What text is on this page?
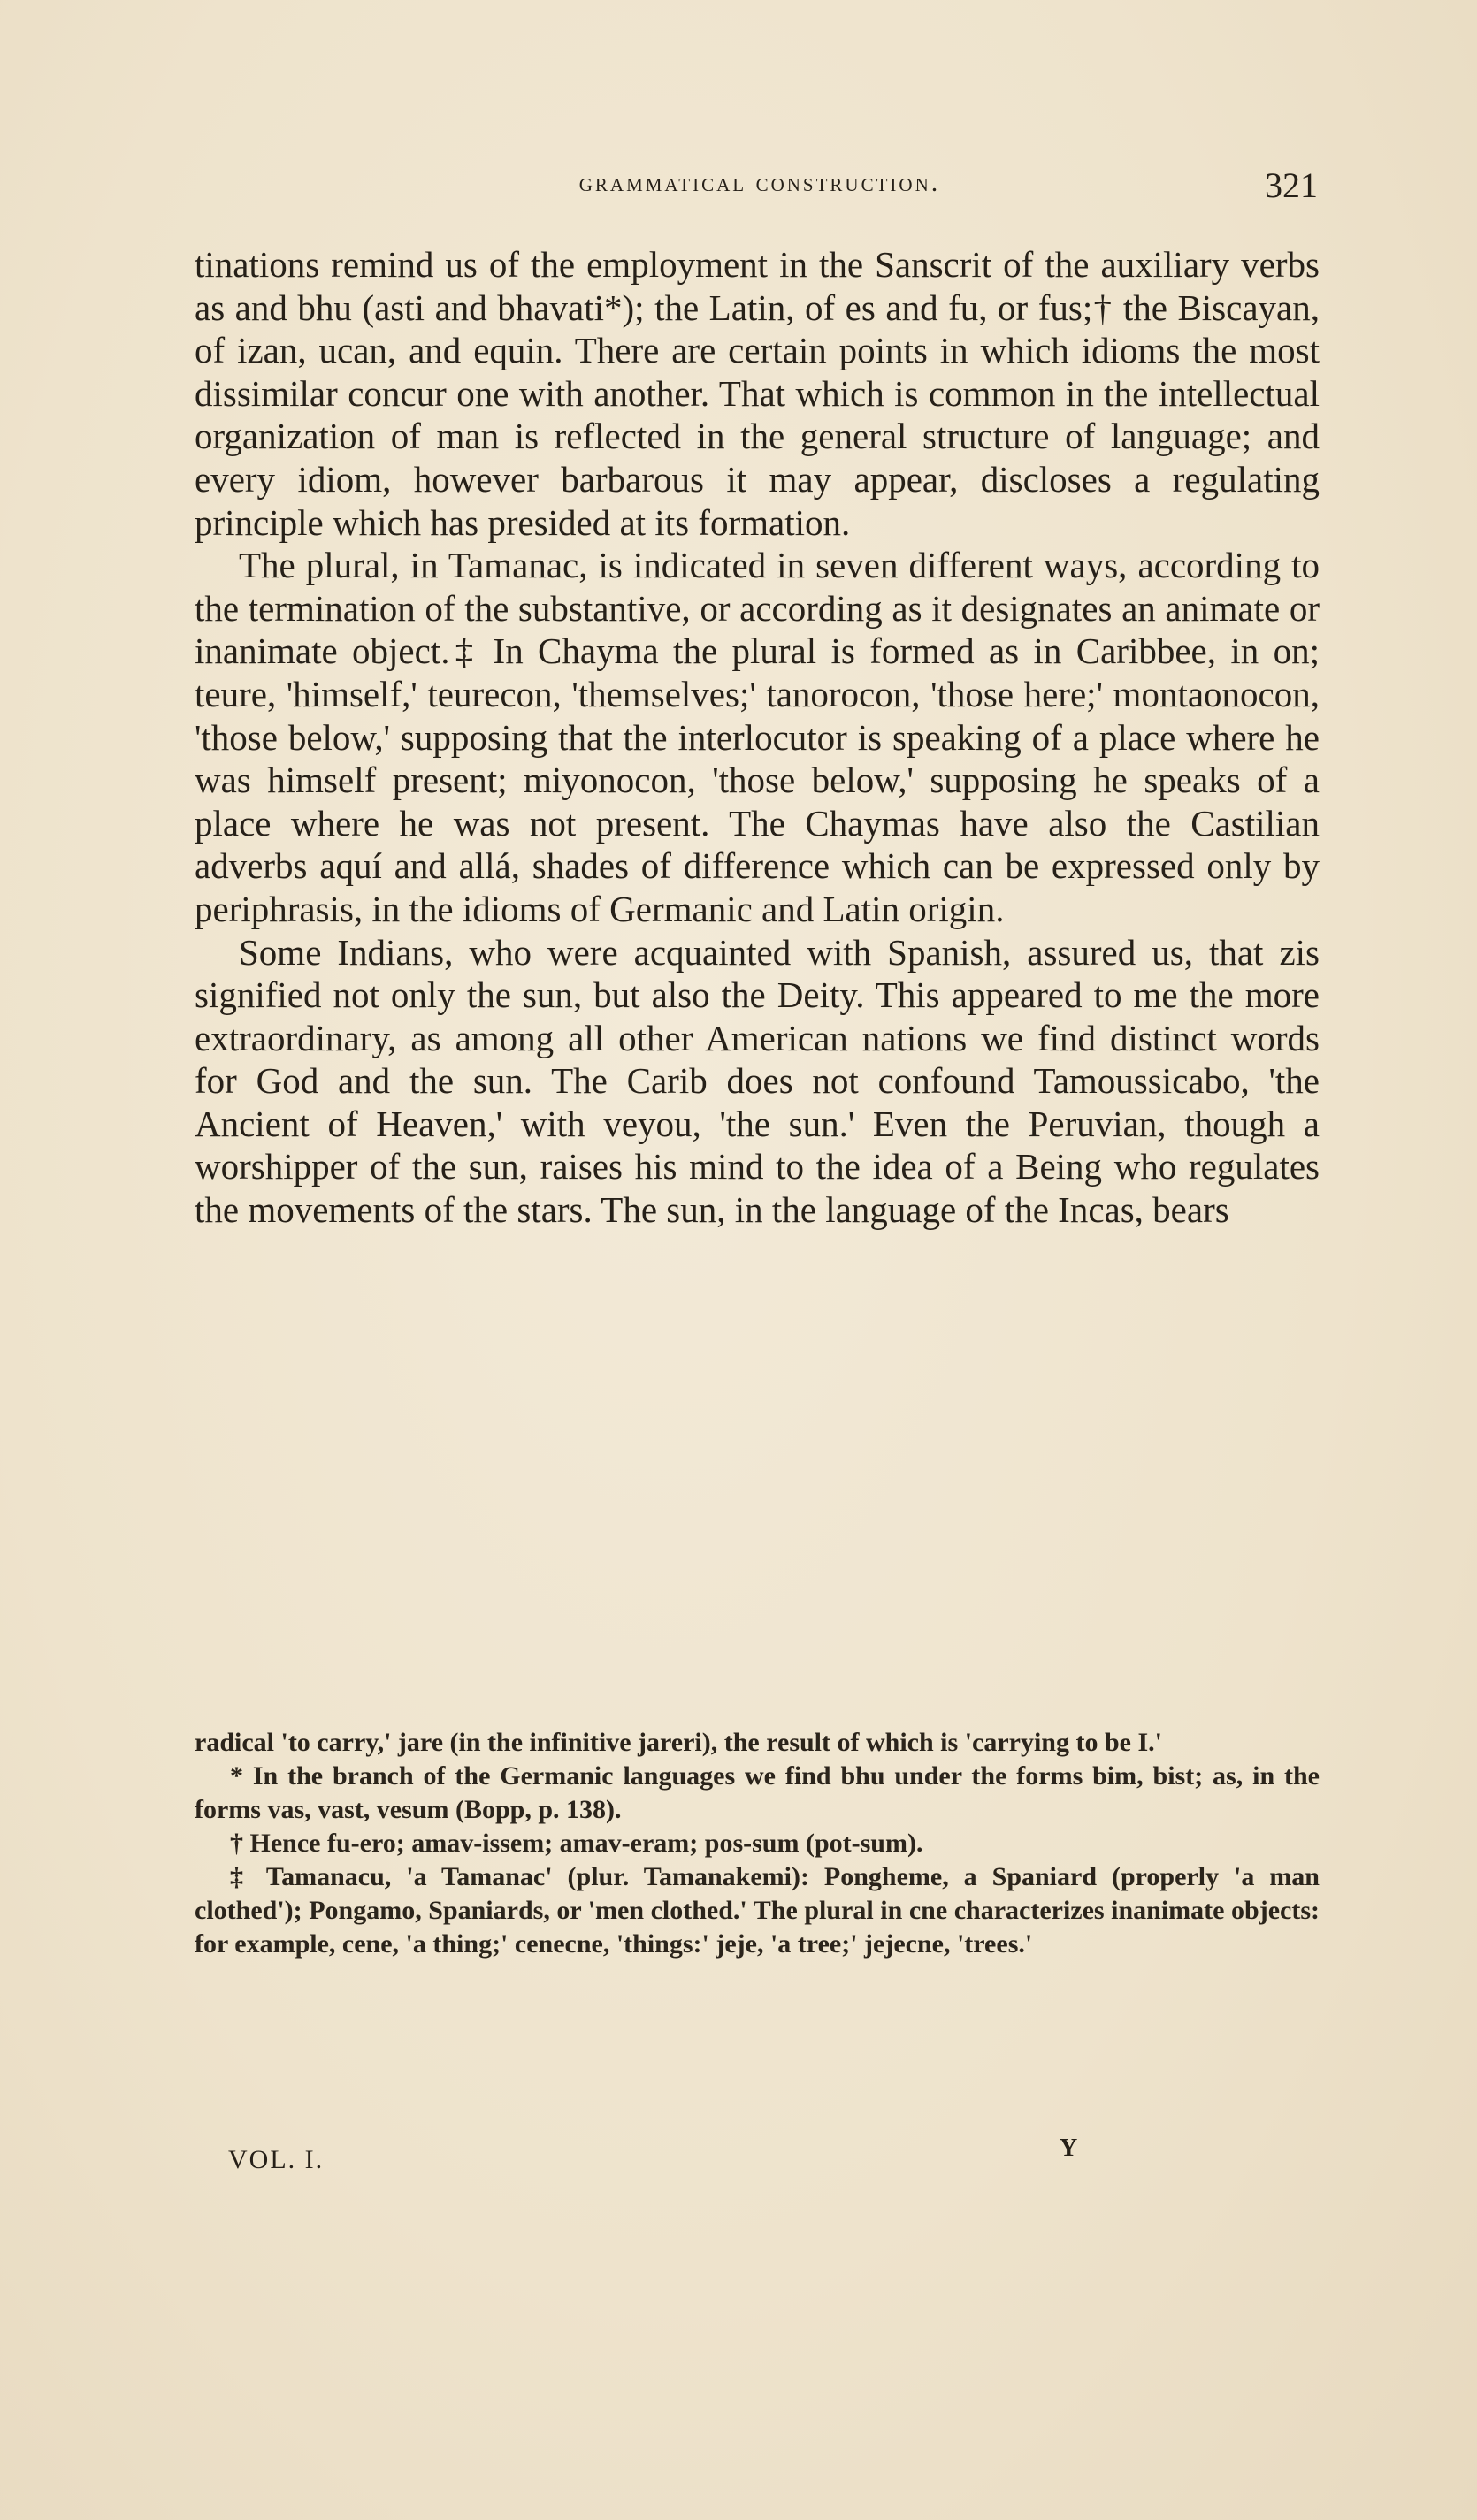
grammatical construction.	321

tinations remind us of the employment in the Sanscrit of the auxiliary verbs as and bhu (asti and bhavati*); the Latin, of es and fu, or fus;† the Biscayan, of izan, ucan, and equin. There are certain points in which idioms the most dissimilar concur one with another. That which is common in the intellectual organization of man is reflected in the general structure of language; and every idiom, however barbarous it may appear, discloses a regulating principle which has presided at its formation.

The plural, in Tamanac, is indicated in seven different ways, according to the termination of the substantive, or according as it designates an animate or inanimate object.‡ In Chayma the plural is formed as in Caribbee, in on; teure, 'himself,' teurecon, 'themselves;' tanorocon, 'those here;' montaonocon, 'those below,' supposing that the interlocutor is speaking of a place where he was himself present; miyonocon, 'those below,' supposing he speaks of a place where he was not present. The Chaymas have also the Castilian adverbs aquí and allá, shades of difference which can be expressed only by periphrasis, in the idioms of Germanic and Latin origin.

Some Indians, who were acquainted with Spanish, assured us, that zis signified not only the sun, but also the Deity. This appeared to me the more extraordinary, as among all other American nations we find distinct words for God and the sun. The Carib does not confound Tamoussicabo, 'the Ancient of Heaven,' with veyou, 'the sun.' Even the Peruvian, though a worshipper of the sun, raises his mind to the idea of a Being who regulates the movements of the stars. The sun, in the language of the Incas, bears

radical 'to carry,' jare (in the infinitive jareri), the result of which is 'carrying to be I.'

* In the branch of the Germanic languages we find bhu under the forms bim, bist; as, in the forms vas, vast, vesum (Bopp, p. 138).

† Hence fu-ero; amav-issem; amav-eram; pos-sum (pot-sum).

‡ Tamanacu, 'a Tamanac' (plur. Tamanakemi): Pongheme, a Spaniard (properly 'a man clothed'); Pongamo, Spaniards, or 'men clothed.' The plural in cne characterizes inanimate objects: for example, cene, 'a thing;' cenecne, 'things:' jeje, 'a tree;' jejecne, 'trees.'

VOL. I.	Y
